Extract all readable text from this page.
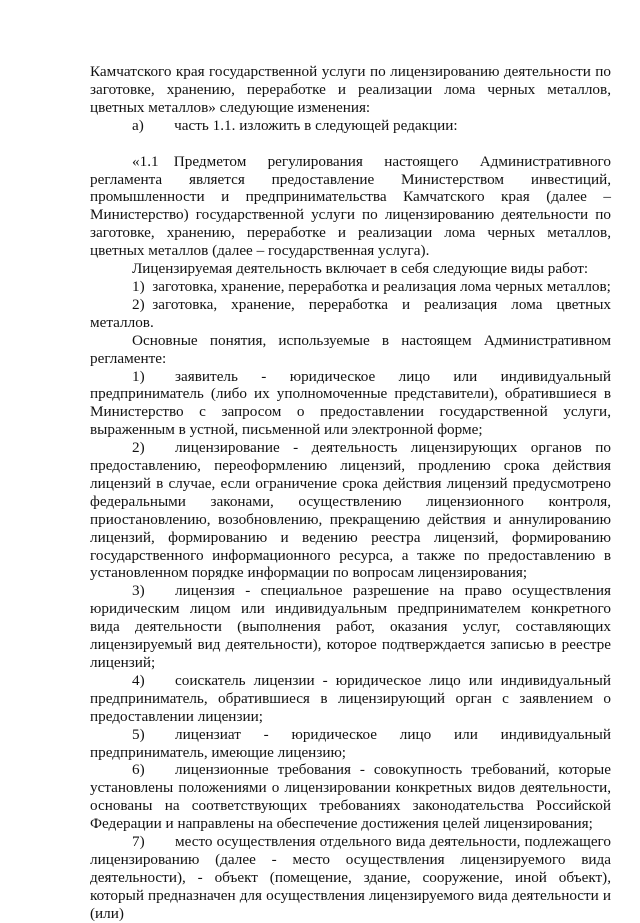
Камчатского края государственной услуги по лицензированию деятельности по заготовке, хранению, переработке и реализации лома черных металлов, цветных металлов» следующие изменения:

а)  часть 1.1. изложить в следующей редакции:

«1.1 Предметом регулирования настоящего Административного регламента является предоставление Министерством инвестиций, промышленности и предпринимательства Камчатского края (далее – Министерство) государственной услуги по лицензированию деятельности по заготовке, хранению, переработке и реализации лома черных металлов, цветных металлов (далее – государственная услуга).

Лицензируемая деятельность включает в себя следующие виды работ:

1) заготовка, хранение, переработка и реализация лома черных металлов;

2) заготовка, хранение, переработка и реализация лома цветных металлов.

Основные понятия, используемые в настоящем Административном регламенте:

1)  заявитель - юридическое лицо или индивидуальный предприниматель (либо их уполномоченные представители), обратившиеся в Министерство с запросом о предоставлении государственной услуги, выраженным в устной, письменной или электронной форме;

2)  лицензирование - деятельность лицензирующих органов по предоставлению, переоформлению лицензий, продлению срока действия лицензий в случае, если ограничение срока действия лицензий предусмотрено федеральными законами, осуществлению лицензионного контроля, приостановлению, возобновлению, прекращению действия и аннулированию лицензий, формированию и ведению реестра лицензий, формированию государственного информационного ресурса, а также по предоставлению в установленном порядке информации по вопросам лицензирования;

3)  лицензия - специальное разрешение на право осуществления юридическим лицом или индивидуальным предпринимателем конкретного вида деятельности (выполнения работ, оказания услуг, составляющих лицензируемый вид деятельности), которое подтверждается записью в реестре лицензий;

4)  соискатель лицензии - юридическое лицо или индивидуальный предприниматель, обратившиеся в лицензирующий орган с заявлением о предоставлении лицензии;

5)  лицензиат - юридическое лицо или индивидуальный предприниматель, имеющие лицензию;

6)  лицензионные требования - совокупность требований, которые установлены положениями о лицензировании конкретных видов деятельности, основаны на соответствующих требованиях законодательства Российской Федерации и направлены на обеспечение достижения целей лицензирования;

7)  место осуществления отдельного вида деятельности, подлежащего лицензированию (далее - место осуществления лицензируемого вида деятельности), - объект (помещение, здание, сооружение, иной объект), который предназначен для осуществления лицензируемого вида деятельности и (или)
